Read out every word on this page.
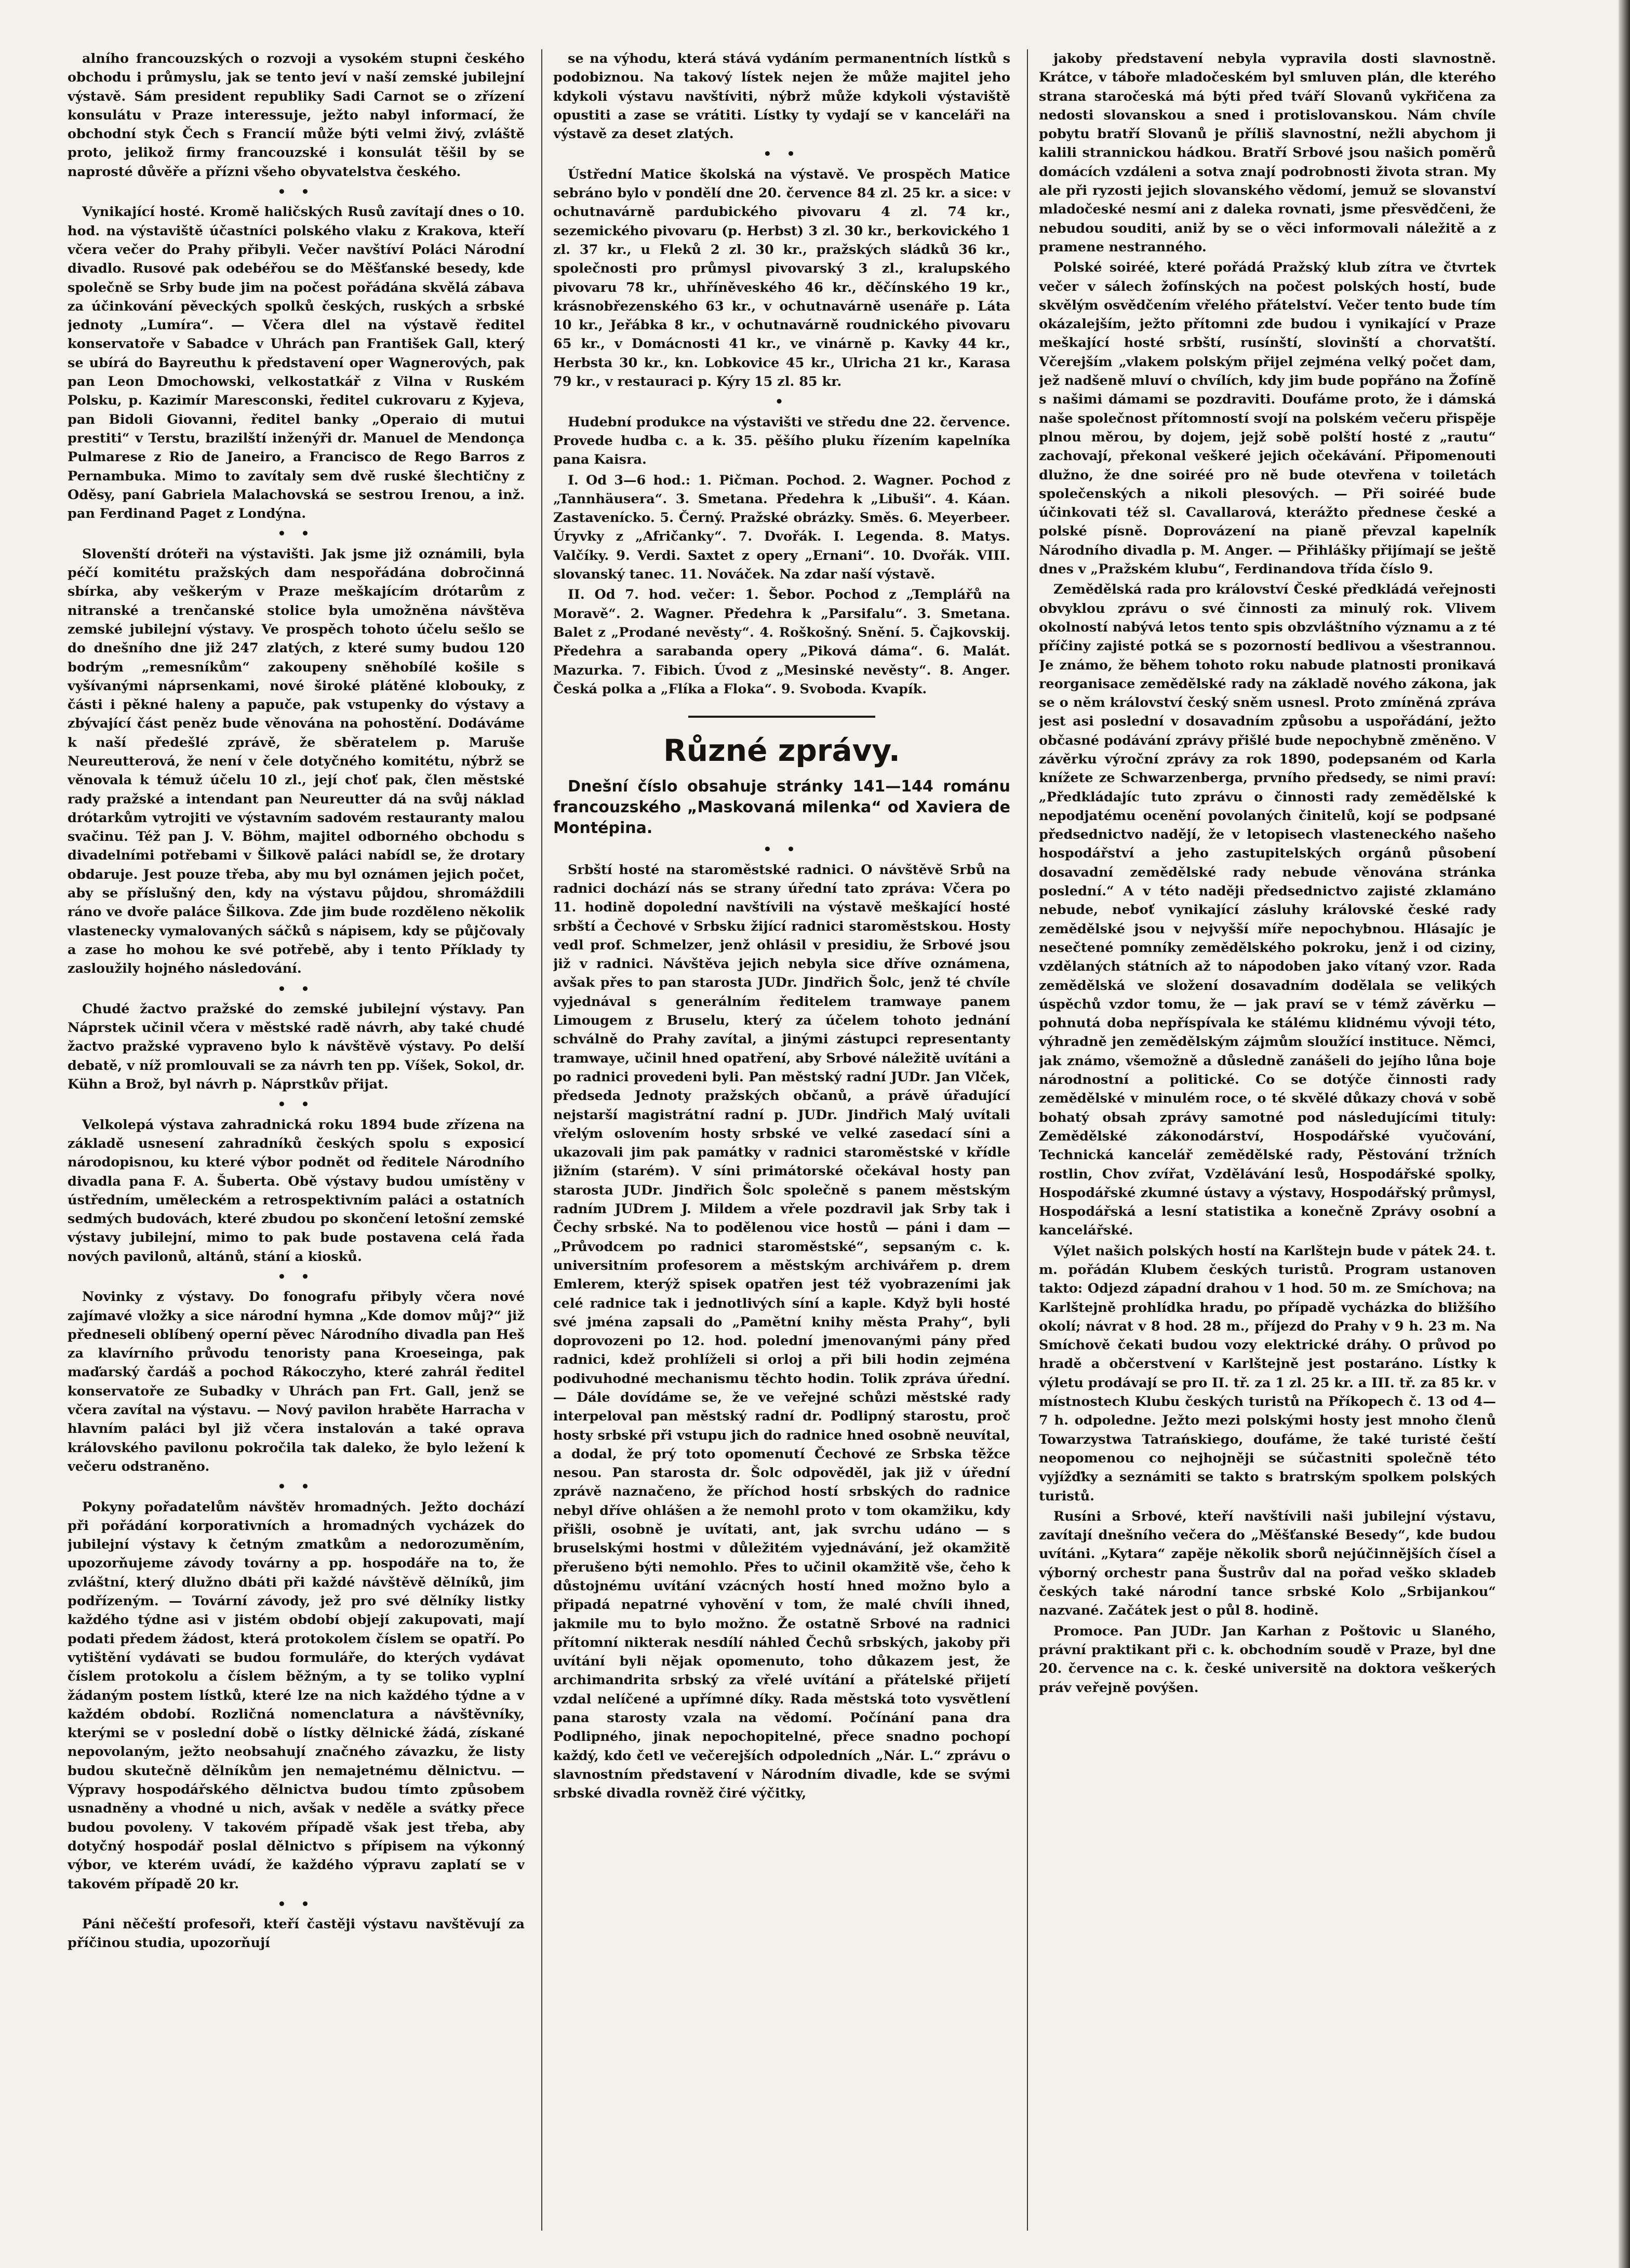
alního francouzských o rozvoji a vysokém stupni českého obchodu i průmyslu, jak se tento jeví v naší zemské jubilejní výstavě. Sám president republiky Sadi Carnot se o zřízení konsulátu v Praze interessuje, ježto nabyl informací, že obchodní styk Čech s Francií může býti velmi živý, zvláště proto, jelikož firmy francouzské i konsulát těšil by se naprosté důvěře a přízni všeho obyvatelstva českého.

• •

Vynikající hosté. Kromě haličských Rusů zavítají dnes o 10. hod. na výstaviště účastníci polského vlaku z Krakova, kteří včera večer do Prahy přibyli. Večer navštíví Poláci Národní divadlo. Rusové pak odebéřou se do Měšťanské besedy, kde společně se Srby bude jim na počest pořádána skvělá zábava za účinkování pěveckých spolků českých, ruských a srbské jednoty „Lumíra“. — Včera dlel na výstavě ředitel konservatoře v Sabadce v Uhrách pan František Gall, který se ubírá do Bayreuthu k představení oper Wagnerových, pak pan Leon Dmochowski, velkostatkář z Vilna v Ruském Polsku, p. Kazimír Maresconski, ředitel cukrovaru z Kyjeva, pan Bidoli Giovanni, ředitel banky „Operaio di mutui prestiti“ v Terstu, brazilští inženýři dr. Manuel de Mendonça Pulmarese z Rio de Janeiro, a Francisco de Rego Barros z Pernambuka. Mimo to zavítaly sem dvě ruské šlechtičny z Oděsy, paní Gabriela Malachovská se sestrou Irenou, a inž. pan Ferdinand Paget z Londýna.

• •

Slovenští dróteři na výstavišti. Jak jsme již oznámili, byla péčí komitétu pražských dam nespořádána dobročinná sbírka, aby veškerým v Praze meškajícím drótarům z nitranské a trenčanské stolice byla umožněna návštěva zemské jubilejní výstavy. Ve prospěch tohoto účelu sešlo se do dnešního dne již 247 zlatých, z které sumy budou 120 bodrým „remesníkům“ zakoupeny sněhobílé košile s vyšívanými náprsenkami, nové široké plátěné klobouky, z části i pěkné haleny a papuče, pak vstupenky do výstavy a zbývající část peněz bude věnována na pohostění. Dodáváme k naší předešlé zprávě, že sběratelem p. Maruše Neureutterová, že není v čele dotyčného komitétu, nýbrž se věnovala k témuž účelu 10 zl., její choť pak, člen městské rady pražské a intendant pan Neureutter dá na svůj náklad drótarkům vytrojiti ve výstavním sadovém restauranty malou svačinu. Též pan J. V. Böhm, majitel odborného obchodu s divadelními potřebami v Šilkově paláci nabídl se, že drotary obdaruje. Jest pouze třeba, aby mu byl oznámen jejich počet, aby se příslušný den, kdy na výstavu půjdou, shromáždili ráno ve dvoře paláce Šilkova. Zde jim bude rozděleno několik vlastenecky vymalovaných sáčků s nápisem, kdy se půjčovaly a zase ho mohou ke své potřebě, aby i tento Příklady ty zasloužily hojného následování.

• •

Chudé žactvo pražské do zemské jubilejní výstavy. Pan Náprstek učinil včera v městské radě návrh, aby také chudé žactvo pražské vypraveno bylo k návštěvě výstavy. Po delší debatě, v níž promlouvali se za návrh ten pp. Víšek, Sokol, dr. Kühn a Brož, byl návrh p. Náprstkův přijat.

• •

Velkolepá výstava zahradnická roku 1894 bude zřízena na základě usnesení zahradníků českých spolu s exposicí národopisnou, ku které výbor podnět od ředitele Národního divadla pana F. A. Šuberta. Obě výstavy budou umístěny v ústředním, uměleckém a retrospektivním paláci a ostatních sedmých budovách, které zbudou po skončení letošní zemské výstavy jubilejní, mimo to pak bude postavena celá řada nových pavilonů, altánů, stání a kiosků.

• •

Novinky z výstavy. Do fonografu přibyly včera nové zajímavé vložky a sice národní hymna „Kde domov můj?“ již předneseli oblíbený operní pěvec Národního divadla pan Heš za klavírního průvodu tenoristy pana Kroeseinga, pak maďarský čardáš a pochod Rákoczyho, které zahrál ředitel konservatoře ze Subadky v Uhrách pan Frt. Gall, jenž se včera zavítal na výstavu. — Nový pavilon hraběte Harracha v hlavním paláci byl již včera instalován a také oprava královského pavilonu pokročila tak daleko, že bylo ležení k večeru odstraněno.

• •

Pokyny pořadatelům návštěv hromadných. Ježto dochází při pořádání korporativních a hromadných vycházek do jubilejní výstavy k četným zmatkům a nedorozuměním, upozorňujeme závody továrny a pp. hospodáře na to, že zvláštní, který dlužno dbáti při každé návštěvě dělníků, jim podřízeným. — Tovární závody, jež pro své dělníky listky každého týdne asi v jistém období objejí zakupovati, mají podati předem žádost, která protokolem číslem se opatří. Po vytištění vydávati se budou formuláře, do kterých vydávat číslem protokolu a číslem běžným, a ty se toliko vyplní žádaným postem lístků, které lze na nich každého týdne a v každém období. Rozličná nomenclatura a návštěvníky, kterými se v poslední době o lístky dělnické žádá, získané nepovolaným, ježto neobsahují značného závazku, že listy budou skutečně dělníkům jen nemajetnému dělnictvu. — Výpravy hospodářského dělnictva budou tímto způsobem usnadněny a vhodné u nich, avšak v neděle a svátky přece budou povoleny. V takovém případě však jest třeba, aby dotyčný hospodář poslal dělnictvo s přípisem na výkonný výbor, ve kterém uvádí, že každého výpravu zaplatí se v takovém případě 20 kr.

• •

Páni něčeští profesoři, kteří častěji výstavu navštěvují za příčinou studia, upozorňují

se na výhodu, která stává vydáním permanentních lístků s podobiznou. Na takový lístek nejen že může majitel jeho kdykoli výstavu navštíviti, nýbrž může kdykoli výstaviště opustiti a zase se vrátiti. Lístky ty vydají se v kanceláři na výstavě za deset zlatých.

• •

Ústřední Matice školská na výstavě. Ve prospěch Matice sebráno bylo v pondělí dne 20. července 84 zl. 25 kr. a sice: v ochutnavárně pardubického pivovaru 4 zl. 74 kr., sezemického pivovaru (p. Herbst) 3 zl. 30 kr., berkovického 1 zl. 37 kr., u Fleků 2 zl. 30 kr., pražských sládků 36 kr., společnosti pro průmysl pivovarský 3 zl., kralupského pivovaru 78 kr., uhříněveského 46 kr., děčínského 19 kr., krásnobřezenského 63 kr., v ochutnavárně usenáře p. Láta 10 kr., Jeřábka 8 kr., v ochutnavárně roudnického pivovaru 65 kr., v Domácnosti 41 kr., ve vinárně p. Kavky 44 kr., Herbsta 30 kr., kn. Lobkovice 45 kr., Ulricha 21 kr., Karasa 79 kr., v restauraci p. Kýry 15 zl. 85 kr.

•

Hudební produkce na výstavišti ve středu dne 22. července. Provede hudba c. a k. 35. pěšího pluku řízením kapelníka pana Kaisra.

I. Od 3—6 hod.: 1. Pičman. Pochod. 2. Wagner. Pochod z „Tannhäusera“. 3. Smetana. Předehra k „Libuši“. 4. Káan. Zastavenícko. 5. Černý. Pražské obrázky. Směs. 6. Meyerbeer. Úryvky z „Afričanky“. 7. Dvořák. I. Legenda. 8. Matys. Valčíky. 9. Verdi. Saxtet z opery „Ernani“. 10. Dvořák. VIII. slovanský tanec. 11. Nováček. Na zdar naší výstavě.

II. Od 7. hod. večer: 1. Šebor. Pochod z „Templářů na Moravě“. 2. Wagner. Předehra k „Parsifalu“. 3. Smetana. Balet z „Prodané nevěsty“. 4. Roškošný. Snění. 5. Čajkovskij. Předehra a sarabanda opery „Piková dáma“. 6. Malát. Mazurka. 7. Fibich. Úvod z „Mesinské nevěsty“. 8. Anger. Česká polka a „Flíka a Floka“. 9. Svoboda. Kvapík.

Různé zprávy.

Dnešní číslo obsahuje stránky 141—144 románu francouzského „Maskovaná milenka“ od Xaviera de Montépina.

• •

Srbští hosté na staroměstské radnici. O návštěvě Srbů na radnici dochází nás se strany úřední tato zpráva: Včera po 11. hodině dopolední navštívili na výstavě meškající hosté srbští a Čechové v Srbsku žijící radnici staroměstskou. Hosty vedl prof. Schmelzer, jenž ohlásil v presidiu, že Srbové jsou již v radnici. Návštěva jejich nebyla sice dříve oznámena, avšak přes to pan starosta JUDr. Jindřich Šolc, jenž té chvíle vyjednával s generálním ředitelem tramwaye panem Limougem z Bruselu, který za účelem tohoto jednání schválně do Prahy zavítal, a jinými zástupci representanty tramwaye, učinil hned opatření, aby Srbové náležitě uvítáni a po radnici provedeni byli. Pan městský radní JUDr. Jan Vlček, předseda Jednoty pražských občanů, a právě úřadující nejstarší magistrátní radní p. JUDr. Jindřich Malý uvítali vřelým oslovením hosty srbské ve velké zasedací síni a ukazovali jim pak památky v radnici staroměstské v křídle jižním (starém). V síni primátorské očekával hosty pan starosta JUDr. Jindřich Šolc společně s panem městským radním JUDrem J. Mildem a vřele pozdravil jak Srby tak i Čechy srbské. Na to podělenou vice hostů — páni i dam — „Průvodcem po radnici staroměstské“, sepsaným c. k. universitním profesorem a městským archivářem p. drem Emlerem, kterýž spisek opatřen jest též vyobrazeními jak celé radnice tak i jednotlivých síní a kaple. Když byli hosté své jména zapsali do „Pamětní knihy města Prahy“, byli doprovozeni po 12. hod. polední jmenovanými pány před radnici, kdež prohlíželi si orloj a při bili hodin zejména podivuhodné mechanismu těchto hodin. Tolik zpráva úřední. — Dále dovídáme se, že ve veřejné schůzi městské rady interpeloval pan městský radní dr. Podlipný starostu, proč hosty srbské při vstupu jich do radnice hned osobně neuvítal, a dodal, že prý toto opomenutí Čechové ze Srbska těžce nesou. Pan starosta dr. Šolc odpověděl, jak již v úřední zprávě naznačeno, že příchod hostí srbských do radnice nebyl dříve ohlášen a že nemohl proto v tom okamžiku, kdy přišli, osobně je uvítati, ant, jak svrchu udáno — s bruselskými hostmi v důležitém vyjednávání, jež okamžitě přerušeno býti nemohlo. Přes to učinil okamžitě vše, čeho k důstojnému uvítání vzácných hostí hned možno bylo a připadá nepatrné vyhovění v tom, že malé chvíli ihned, jakmile mu to bylo možno. Že ostatně Srbové na radnici přítomní nikterak nesdílí náhled Čechů srbských, jakoby při uvítání byli nějak opomenuto, toho důkazem jest, že archimandrita srbský za vřelé uvítání a přátelské přijetí vzdal nelíčené a upřímné díky. Rada městská toto vysvětlení pana starosty vzala na vědomí. Počínání pana dra Podlipného, jinak nepochopitelné, přece snadno pochopí každý, kdo četl ve večerejších odpoledních „Nár. L.“ zprávu o slavnostním představení v Národním divadle, kde se svými srbské divadla rovněž čiré výčitky,

jakoby představení nebyla vypravila dosti slavnostně. Krátce, v táboře mladočeském byl smluven plán, dle kterého strana staročeská má býti před tváří Slovanů vykřičena za nedosti slovanskou a sned i protislovanskou. Nám chvíle pobytu bratří Slovanů je příliš slavnostní, nežli abychom ji kalili strannickou hádkou. Bratří Srbové jsou našich poměrů domácích vzdáleni a sotva znají podrobnosti života stran. My ale při ryzosti jejich slovanského vědomí, jemuž se slovanství mladočeské nesmí ani z daleka rovnati, jsme přesvědčeni, že nebudou souditi, aniž by se o věci informovali náležitě a z pramene nestranného.

Polské soiréé, které pořádá Pražský klub zítra ve čtvrtek večer v sálech žofínských na počest polských hostí, bude skvělým osvědčením vřelého přátelství. Večer tento bude tím okázalejším, ježto přítomni zde budou i vynikající v Praze meškající hosté srbští, rusínští, slovinští a chorvatští. Včerejším „vlakem polským přijel zejména velký počet dam, jež nadšeně mluví o chvílích, kdy jim bude popřáno na Žofíně s našimi dámami se pozdraviti. Doufáme proto, že i dámská naše společnost přítomností svojí na polském večeru přispěje plnou měrou, by dojem, jejž sobě polští hosté z „rautu“ zachovají, překonal veškeré jejich očekávání. Připomenouti dlužno, že dne soiréé pro ně bude otevřena v toiletách společenských a nikoli plesových. — Při soiréé bude účinkovati též sl. Cavallarová, kterážto přednese české a polské písně. Doprovázení na pianě převzal kapelník Národního divadla p. M. Anger. — Přihlášky přijímají se ještě dnes v „Pražském klubu“, Ferdinandova třída číslo 9.

Zemědělská rada pro království České předkládá veřejnosti obvyklou zprávu o své činnosti za minulý rok. Vlivem okolností nabývá letos tento spis obzvláštního významu a z té příčiny zajisté potká se s pozorností bedlivou a všestrannou. Je známo, že během tohoto roku nabude platnosti pronikavá reorganisace zemědělské rady na základě nového zákona, jak se o něm království český sněm usnesl. Proto zmíněná zpráva jest asi poslední v dosavadním způsobu a uspořádání, ježto občasné podávání zprávy přišlé bude nepochybně změněno. V závěrku výroční zprávy za rok 1890, podepsaném od Karla knížete ze Schwarzenberga, prvního předsedy, se nimi praví: „Předkládajíc tuto zprávu o činnosti rady zemědělské k nepodjatému ocenění povolaných činitelů, kojí se podpsané předsednictvo nadějí, že v letopisech vlasteneckého našeho hospodářství a jeho zastupitelských orgánů působení dosavadní zemědělské rady nebude věnována stránka poslední.“ A v této naději předsednictvo zajisté zklamáno nebude, neboť vynikající zásluhy královské české rady zemědělské jsou v nejvyšší míře nepochybnou. Hlásajíc je nesečtené pomníky zemědělského pokroku, jenž i od ciziny, vzdělaných státních až to nápodoben jako vítaný vzor. Rada zemědělská ve složení dosavadním dodělala se velikých úspěchů vzdor tomu, že — jak praví se v témž závěrku — pohnutá doba nepříspívala ke stálému klidnému vývoji této, výhradně jen zemědělským zájmům sloužící instituce. Němci, jak známo, všemožně a důsledně zanášeli do jejího lůna boje národnostní a politické. Co se dotýče činnosti rady zemědělské v minulém roce, o té skvělé důkazy chová v sobě bohatý obsah zprávy samotné pod následujícími tituly: Zemědělské zákonodárství, Hospodářské vyučování, Technická kancelář zemědělské rady, Pěstování tržních rostlin, Chov zvířat, Vzdělávání lesů, Hospodářské spolky, Hospodářské zkumné ústavy a výstavy, Hospodářský průmysl, Hospodářská a lesní statistika a konečně Zprávy osobní a kancelářské.

Výlet našich polských hostí na Karlštejn bude v pátek 24. t. m. pořádán Klubem českých turistů. Program ustanoven takto: Odjezd západní drahou v 1 hod. 50 m. ze Smíchova; na Karlštejně prohlídka hradu, po případě vycházka do bližšího okolí; návrat v 8 hod. 28 m., příjezd do Prahy v 9 h. 23 m. Na Smíchově čekati budou vozy elektrické dráhy. O průvod po hradě a občerstvení v Karlštejně jest postaráno. Lístky k výletu prodávají se pro II. tř. za 1 zl. 25 kr. a III. tř. za 85 kr. v místnostech Klubu českých turistů na Příkopech č. 13 od 4—7 h. odpoledne. Ježto mezi polskými hosty jest mnoho členů Towarzystwa Tatrańskiego, doufáme, že také turisté čeští neopomenou co nejhojněji se súčastniti společně této vyjížďky a seznámiti se takto s bratrským spolkem polských turistů.

Rusíni a Srbové, kteří navštívili naši jubilejní výstavu, zavítají dnešního večera do „Měšťanské Besedy“, kde budou uvítáni. „Kytara“ zapěje několik sborů nejúčinnějších čísel a výborný orchestr pana Šustrův dal na pořad veško skladeb českých také národní tance srbské Kolo „Srbijankou“ nazvané. Začátek jest o půl 8. hodině.

Promoce. Pan JUDr. Jan Karhan z Poštovic u Slaného, právní praktikant při c. k. obchodním soudě v Praze, byl dne 20. července na c. k. české universitě na doktora veškerých práv veřejně povýšen.
